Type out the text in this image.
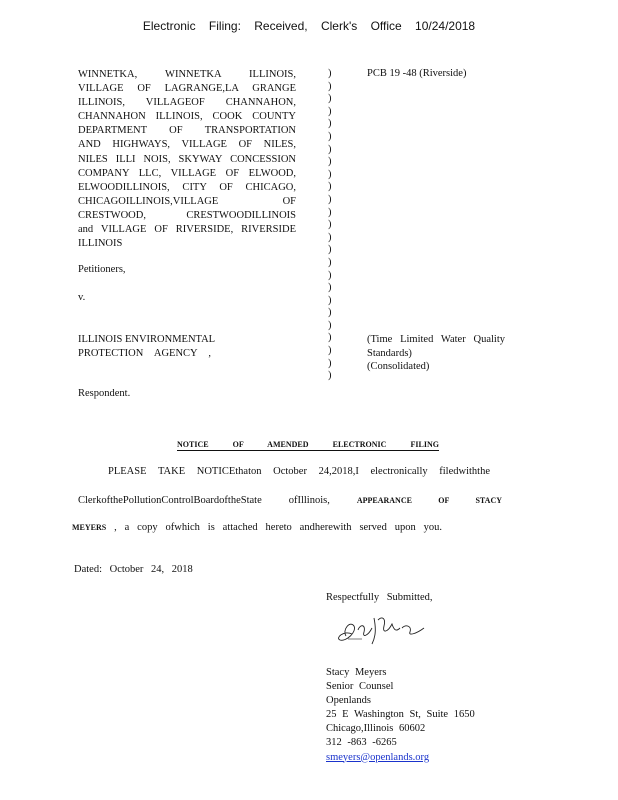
Electronic Filing: Received, Clerk's Office 10/24/2018
WINNETKA, WINNETKA ILLINOIS,
VILLAGE OF LAGRANGE,LA GRANGE
ILLINOIS, VILLAGEOF CHANNAHON,
CHANNAHON ILLINOIS, COOK COUNTY
DEPARTMENT OF TRANSPORTATION
AND HIGHWAYS, VILLAGE OF NILES,
NILES ILLI NOIS, SKYWAY CONCESSION
COMPANY LLC, VILLAGE OF ELWOOD,
ELWOODILLINOIS, CITY OF CHICAGO,
CHICAGOILLINOIS,VILLAGE OF
CRESTWOOD, CRESTWOODILLINOIS
and VILLAGE OF RIVERSIDE, RIVERSIDE
ILLINOIS
)
)
)
)
)
)
)
)
)
)
)
)
)
)
)
)
)
)
)
)
)
)
)
)
)
PCB 19 -48 (Riverside)
Petitioners,
v.
ILLINOIS ENVIRONMENTAL
PROTECTION AGENCY ,
(Time Limited Water Quality
Standards)
(Consolidated)
Respondent.
NOTICE OF AMENDED ELECTRONIC FILING
PLEASE TAKE NOTICEthaton October 24,2018,I electronically filedwiththe
ClerkofthePollutionControlBoardoftheState ofIllinois,	APPEARANCE OF STACY
MEYERS , a copy ofwhich is attached hereto andherewith served upon you.
Dated: October 24, 2018
Respectfully Submitted,
Stacy Meyers
Senior Counsel
Openlands
25 E Washington St, Suite 1650
Chicago,Illinois 60602
312 -863 -6265
smeyers@openlands.org
